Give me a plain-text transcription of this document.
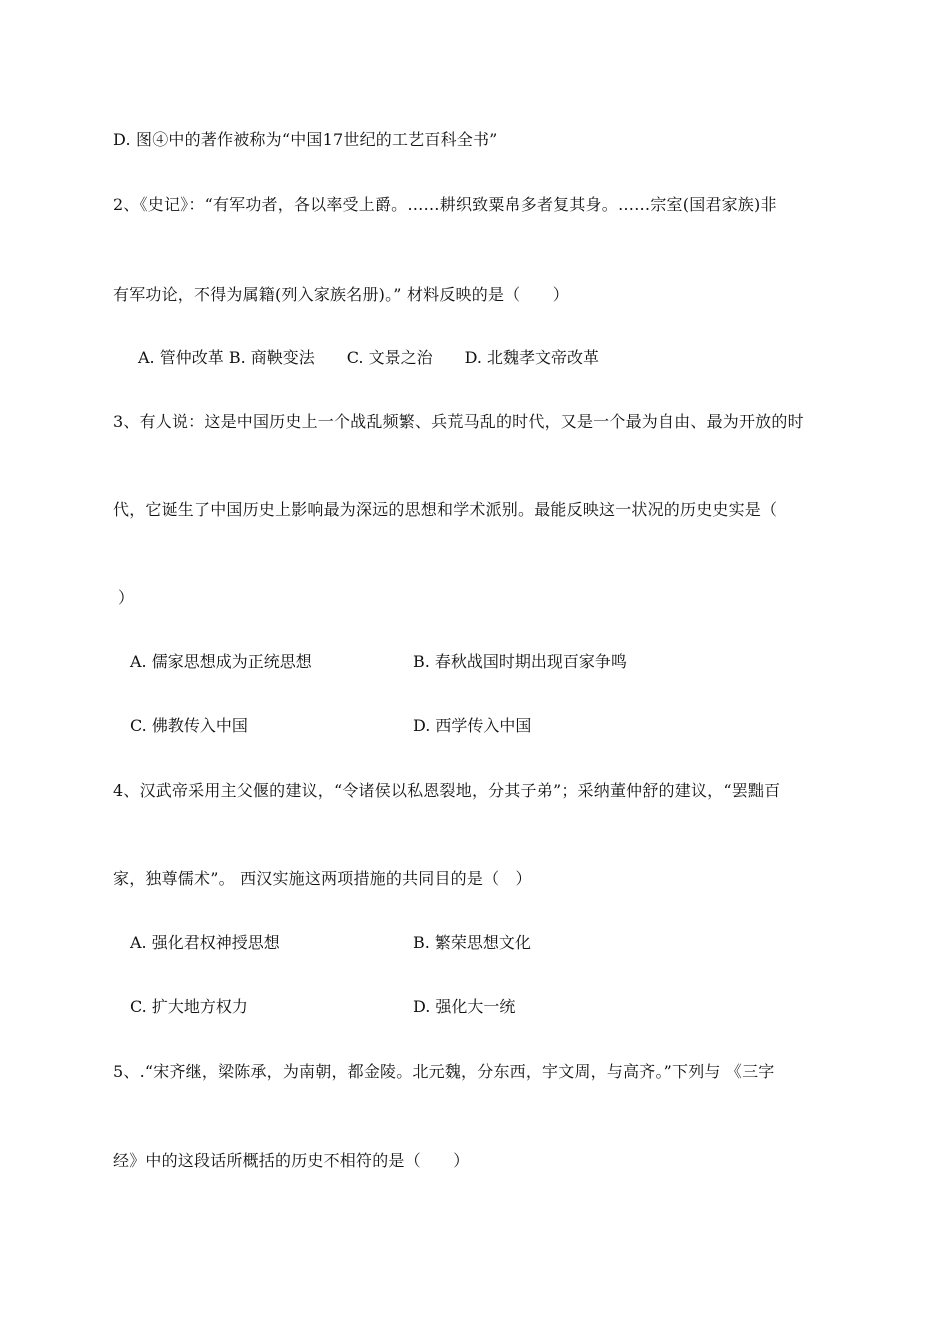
D. 图④中的著作被称为“中国17世纪的工艺百科全书”
2、《史记》：“有军功者，各以率受上爵。……耕织致粟帛多者复其身。……宗室(国君家族)非
有军功论，不得为属籍(列入家族名册)。” 材料反映的是（　　）
A. 管仲改革 B. 商鞅变法　　C. 文景之治　　D. 北魏孝文帝改革
3、有人说：这是中国历史上一个战乱频繁、兵荒马乱的时代，又是一个最为自由、最为开放的时
代，它诞生了中国历史上影响最为深远的思想和学术派别。最能反映这一状况的历史史实是（
）
A. 儒家思想成为正统思想	B. 春秋战国时期出现百家争鸣
C. 佛教传入中国	D. 西学传入中国
4、汉武帝采用主父偃的建议，“令诸侯以私恩裂地，分其子弟”；采纳董仲舒的建议，“罢黜百
家，独尊儒术”。 西汉实施这两项措施的共同目的是（　）
A. 强化君权神授思想	B. 繁荣思想文化
C. 扩大地方权力	D. 强化大一统
5、.“宋齐继，梁陈承，为南朝，都金陵。北元魏，分东西，宇文周，与高齐。”下列与 《三字
经》中的这段话所概括的历史不相符的是（　　）
